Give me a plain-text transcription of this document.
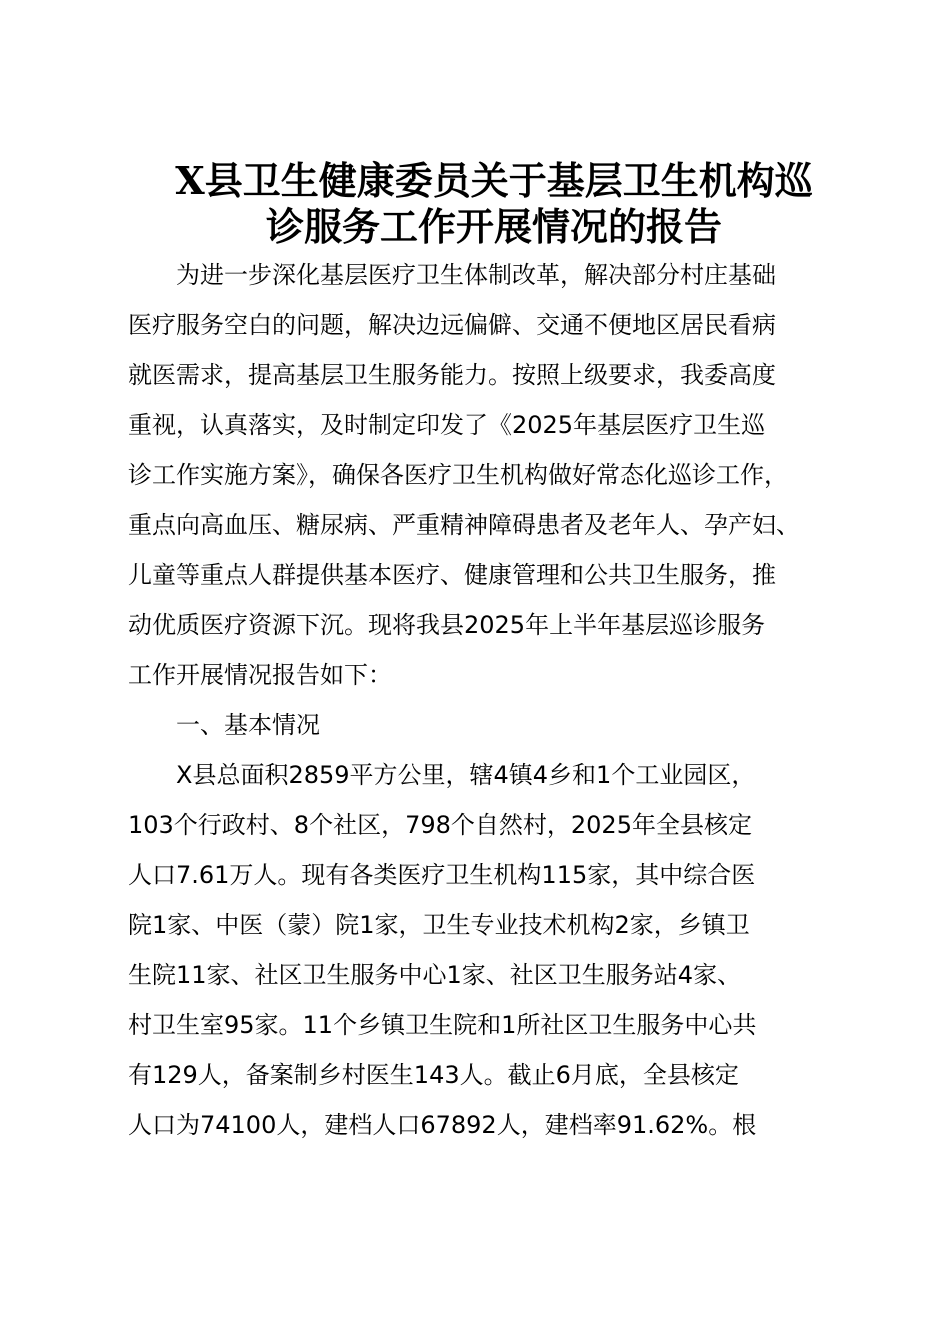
X县卫生健康委员关于基层卫生机构巡
诊服务工作开展情况的报告
为进一步深化基层医疗卫生体制改革，解决部分村庄基础
医疗服务空白的问题，解决边远偏僻、交通不便地区居民看病
就医需求，提高基层卫生服务能力。按照上级要求，我委高度
重视，认真落实，及时制定印发了《2025年基层医疗卫生巡
诊工作实施方案》，确保各医疗卫生机构做好常态化巡诊工作，
重点向高血压、糖尿病、严重精神障碍患者及老年人、孕产妇、
儿童等重点人群提供基本医疗、健康管理和公共卫生服务，推
动优质医疗资源下沉。现将我县2025年上半年基层巡诊服务
工作开展情况报告如下：

一、基本情况

X县总面积2859平方公里，辖4镇4乡和1个工业园区，
103个行政村、8个社区，798个自然村，2025年全县核定
人口7.61万人。现有各类医疗卫生机构115家，其中综合医
院1家、中医（蒙）院1家，卫生专业技术机构2家，乡镇卫
生院11家、社区卫生服务中心1家、社区卫生服务站4家、
村卫生室95家。11个乡镇卫生院和1所社区卫生服务中心共
有129人，备案制乡村医生143人。截止6月底，全县核定
人口为74100人，建档人口67892人，建档率91.62%。根
